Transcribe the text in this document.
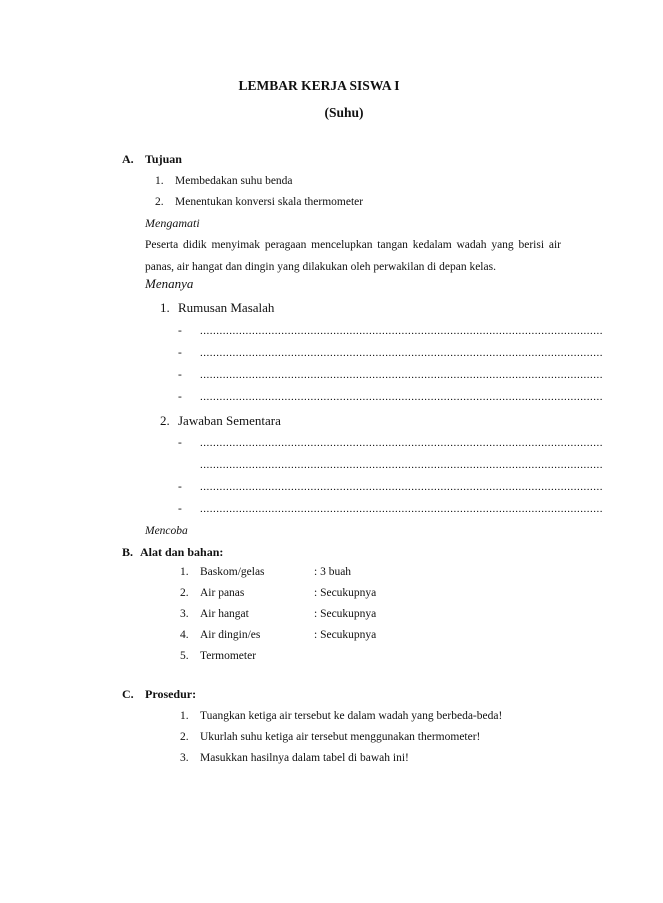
LEMBAR KERJA SISWA I
(Suhu)
A. Tujuan
1. Membedakan suhu benda
2. Menentukan konversi skala thermometer
Mengamati
Peserta didik menyimak peragaan mencelupkan tangan kedalam wadah yang berisi air panas, air hangat dan dingin yang dilakukan oleh perwakilan di depan kelas.
Menanya
1. Rumusan Masalah
- ............................................................................................................................
- ............................................................................................................................
- ............................................................................................................................
- ............................................................................................................................
2. Jawaban Sementara
- ............................................................................................................................
............................................................................................................................
- ............................................................................................................................
- ............................................................................................................................
Mencoba
B. Alat dan bahan:
1. Baskom/gelas	: 3 buah
2. Air panas	: Secukupnya
3. Air hangat	: Secukupnya
4. Air dingin/es	: Secukupnya
5. Termometer
C. Prosedur:
1. Tuangkan ketiga air tersebut ke dalam wadah yang berbeda-beda!
2. Ukurlah suhu ketiga air tersebut menggunakan thermometer!
3. Masukkan hasilnya dalam tabel di bawah ini!
